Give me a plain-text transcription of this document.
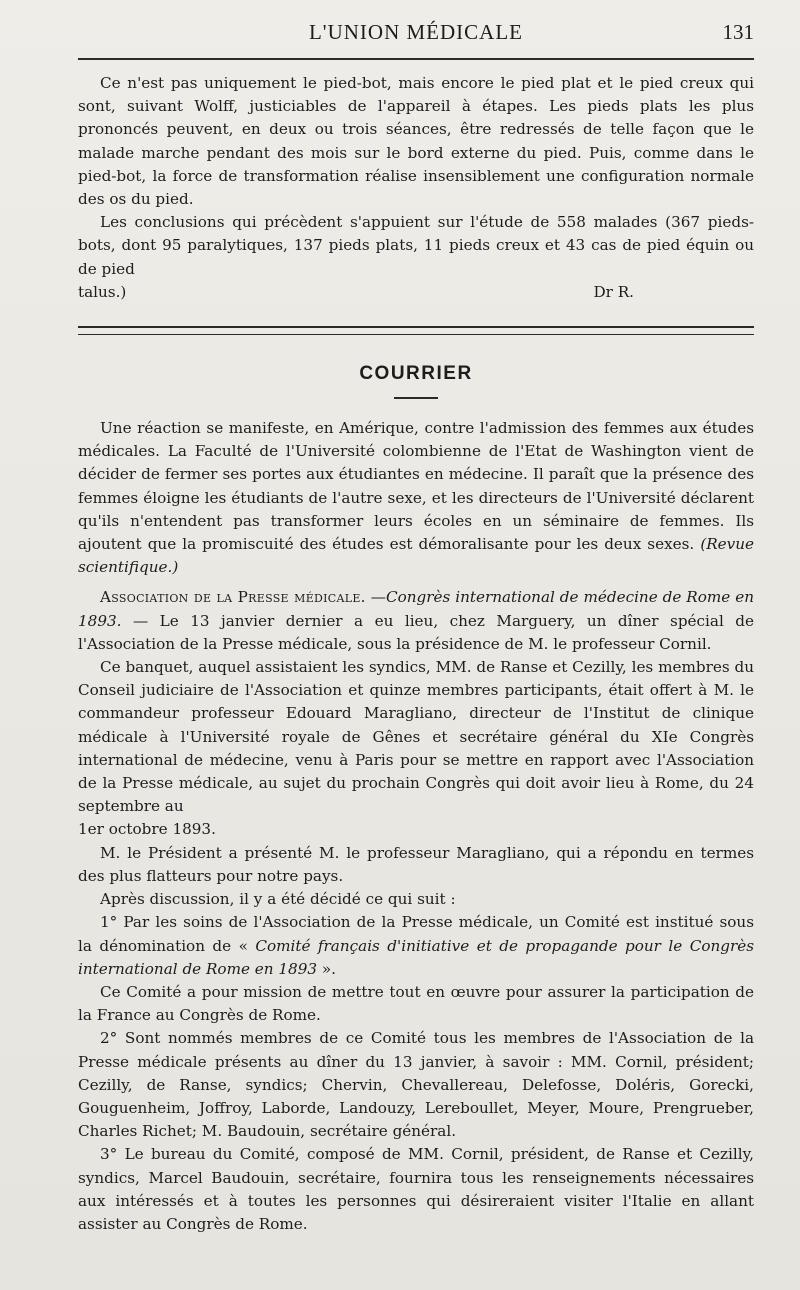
L'UNION MÉDICALE	131

Ce n'est pas uniquement le pied-bot, mais encore le pied plat et le pied creux qui sont, suivant Wolff, justiciables de l'appareil à étapes. Les pieds plats les plus prononcés peuvent, en deux ou trois séances, être redressés de telle façon que le malade marche pendant des mois sur le bord externe du pied. Puis, comme dans le pied-bot, la force de transformation réalise insensiblement une configuration normale des os du pied.

Les conclusions qui précèdent s'appuient sur l'étude de 558 malades (367 pieds-bots, dont 95 paralytiques, 137 pieds plats, 11 pieds creux et 43 cas de pied équin ou de pied

talus.)	Dr R.

COURRIER

Une réaction se manifeste, en Amérique, contre l'admission des femmes aux études médicales. La Faculté de l'Université colombienne de l'Etat de Washington vient de décider de fermer ses portes aux étudiantes en médecine. Il paraît que la présence des femmes éloigne les étudiants de l'autre sexe, et les directeurs de l'Université déclarent qu'ils n'entendent pas transformer leurs écoles en un séminaire de femmes. Ils ajoutent que la promiscuité des études est démoralisante pour les deux sexes. (Revue scientifique.)

Association de la Presse médicale. —Congrès international de médecine de Rome en 1893. — Le 13 janvier dernier a eu lieu, chez Marguery, un dîner spécial de l'Association de la Presse médicale, sous la présidence de M. le professeur Cornil.

Ce banquet, auquel assistaient les syndics, MM. de Ranse et Cezilly, les membres du Conseil judiciaire de l'Association et quinze membres participants, était offert à M. le commandeur professeur Edouard Maragliano, directeur de l'Institut de clinique médicale à l'Université royale de Gênes et secrétaire général du XIe Congrès international de médecine, venu à Paris pour se mettre en rapport avec l'Association de la Presse médicale, au sujet du prochain Congrès qui doit avoir lieu à Rome, du 24 septembre au
1er octobre 1893.

M. le Président a présenté M. le professeur Maragliano, qui a répondu en termes des plus flatteurs pour notre pays.

Après discussion, il y a été décidé ce qui suit :

1° Par les soins de l'Association de la Presse médicale, un Comité est institué sous la dénomination de « Comité français d'initiative et de propagande pour le Congrès international de Rome en 1893 ».

Ce Comité a pour mission de mettre tout en œuvre pour assurer la participation de la France au Congrès de Rome.

2° Sont nommés membres de ce Comité tous les membres de l'Association de la Presse médicale présents au dîner du 13 janvier, à savoir : MM. Cornil, président; Cezilly, de Ranse, syndics; Chervin, Chevallereau, Delefosse, Doléris, Gorecki, Gouguenheim, Joffroy, Laborde, Landouzy, Lereboullet, Meyer, Moure, Prengrueber, Charles Richet; M. Baudouin, secrétaire général.

3° Le bureau du Comité, composé de MM. Cornil, président, de Ranse et Cezilly, syndics, Marcel Baudouin, secrétaire, fournira tous les renseignements nécessaires aux intéressés et à toutes les personnes qui désireraient visiter l'Italie en allant assister au Congrès de Rome.
